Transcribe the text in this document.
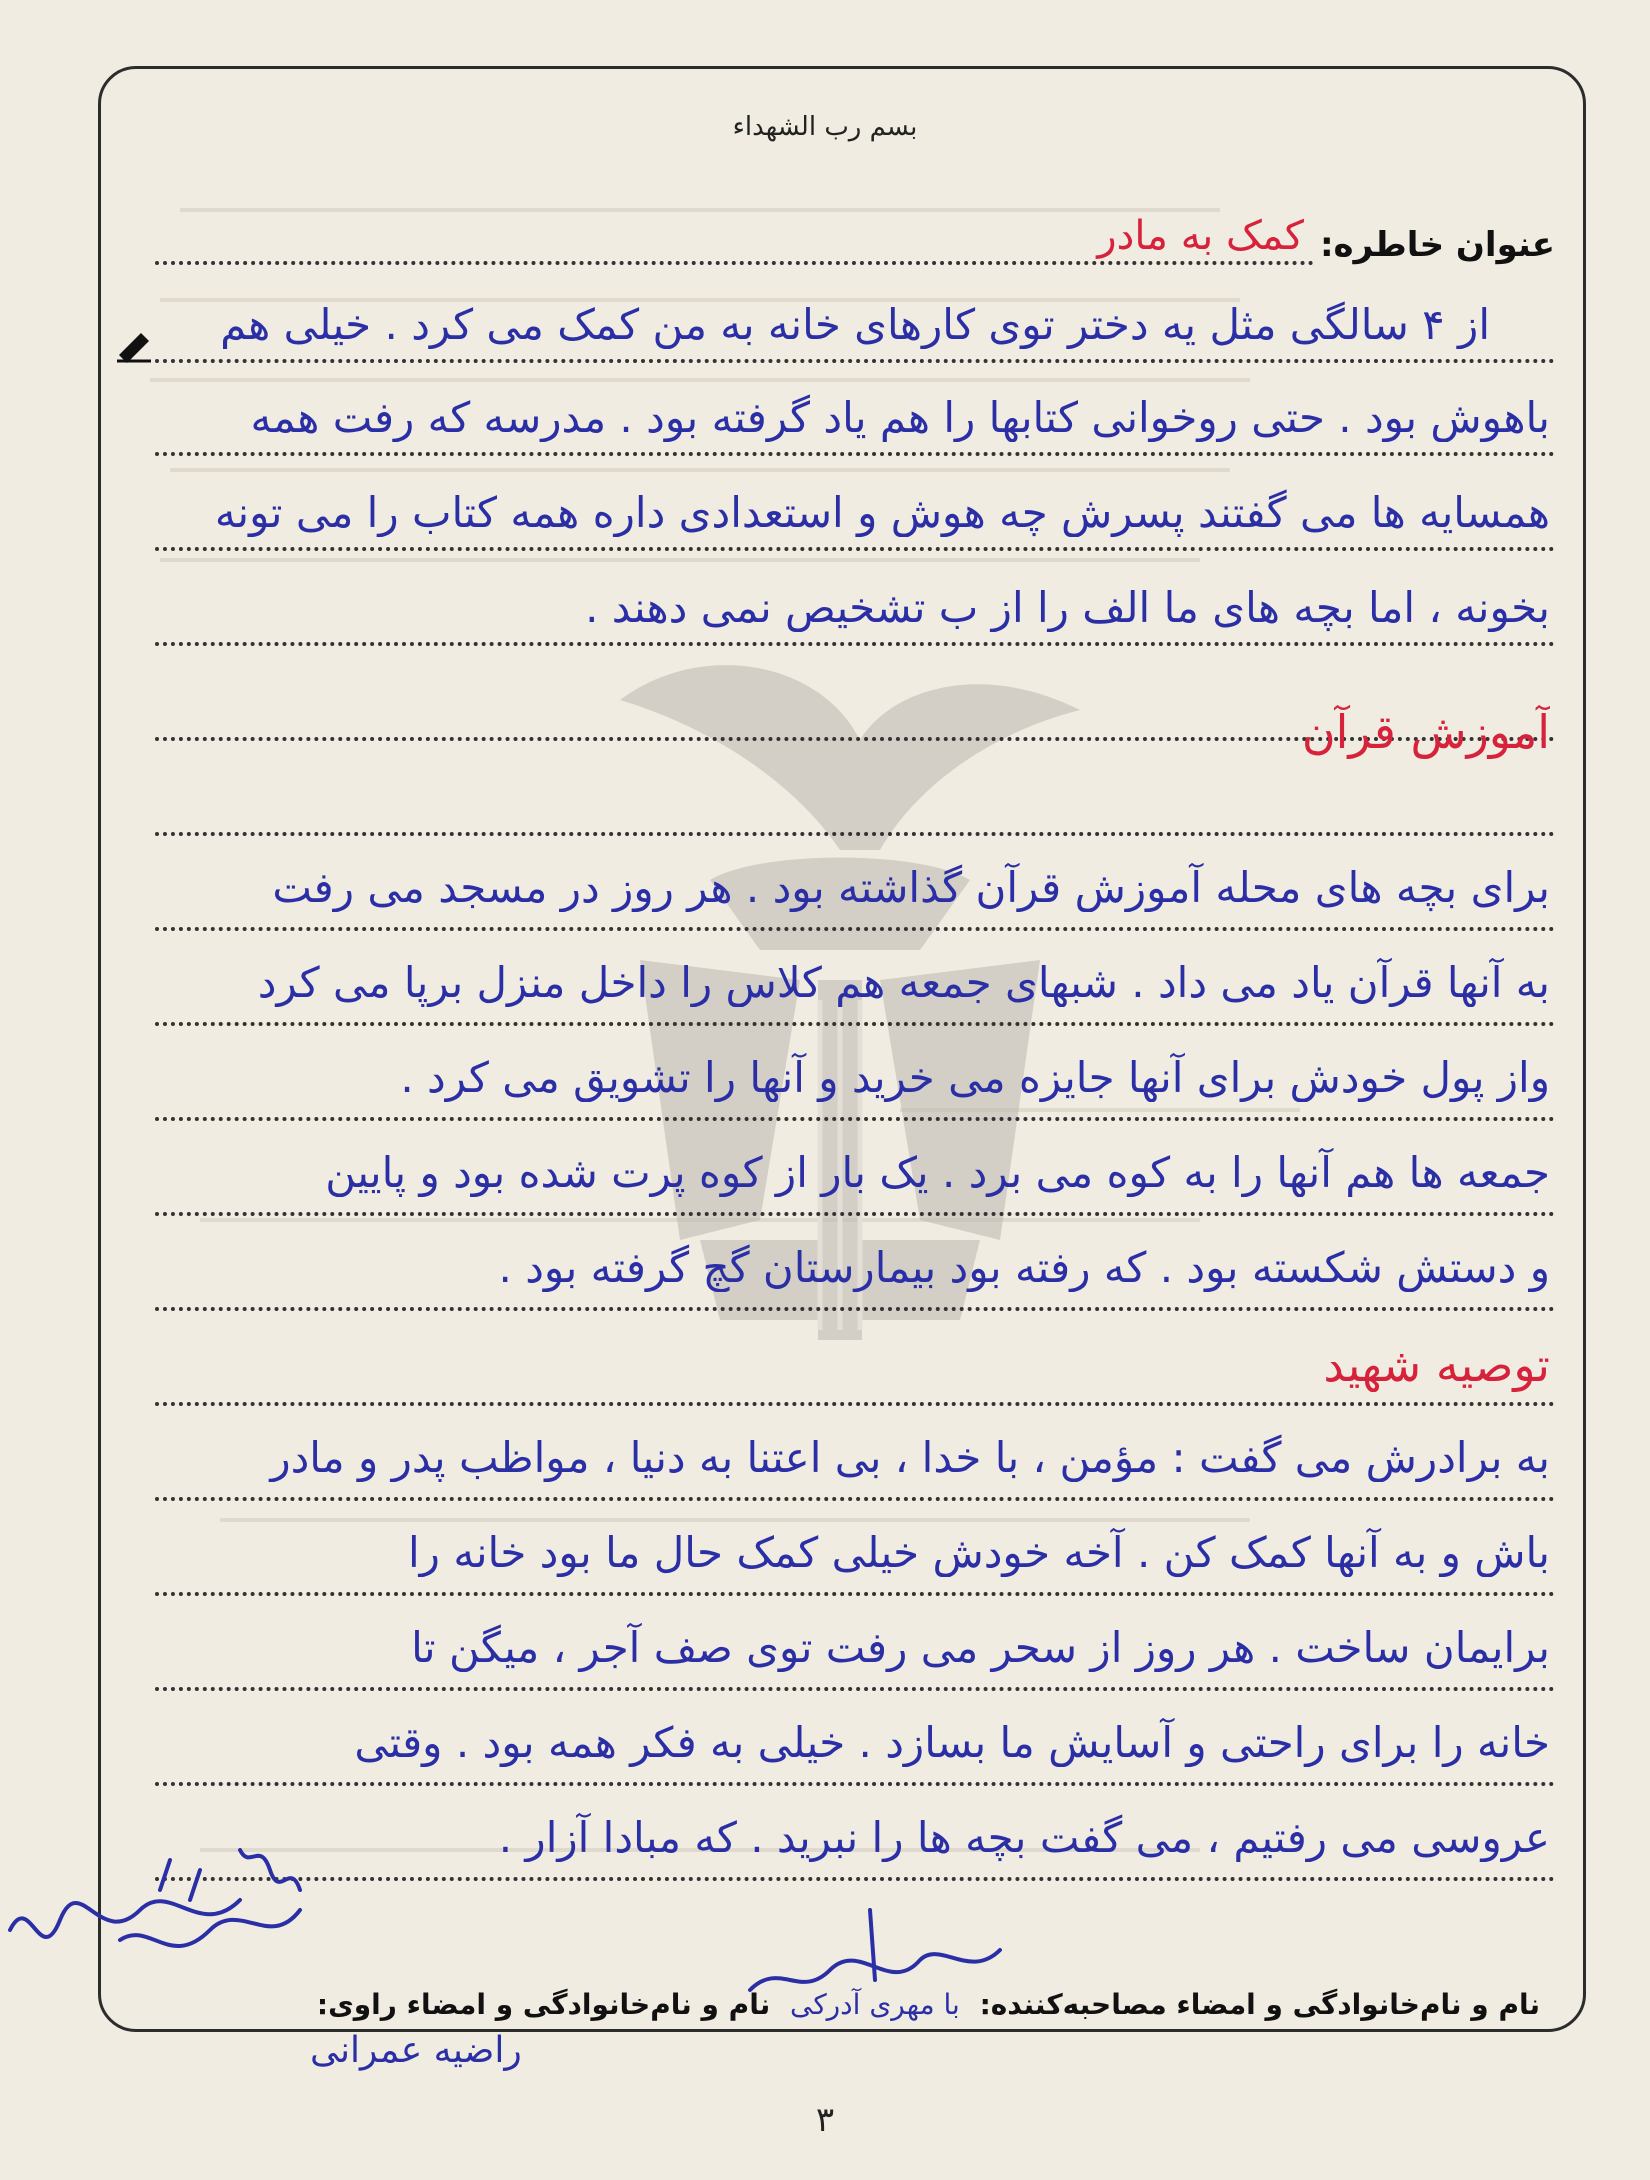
بسم رب الشهداء
عنوان خاطره:
کمک به مادر
از ۴ سالگی مثل یه دختر توی کارهای خانه به من کمک می کرد . خیلی هم
باهوش بود . حتی روخوانی کتابها را هم یاد گرفته بود . مدرسه که رفت همه
همسایه ها می گفتند پسرش چه هوش و استعدادی داره همه کتاب را می تونه
بخونه ، اما بچه های ما الف را از ب تشخیص نمی دهند .
آموزش قرآن
برای بچه های محله آموزش قرآن گذاشته بود . هر روز در مسجد می رفت
به آنها قرآن یاد می داد . شبهای جمعه هم کلاس را داخل منزل برپا می کرد
واز پول خودش برای آنها جایزه می خرید و آنها را تشویق می کرد .
جمعه ها هم آنها را به کوه می برد . یک بار از کوه پرت شده بود و پایین
و دستش شکسته بود . که رفته بود بیمارستان گچ گرفته بود .
توصیه شهید
به برادرش می گفت : مؤمن ، با خدا ، بی اعتنا به دنیا ، مواظب پدر و مادر
باش و به آنها کمک کن . آخه خودش خیلی کمک حال ما بود خانه را
برایمان ساخت . هر روز از سحر می رفت توی صف آجر ، میگن تا
خانه را برای راحتی و آسایش ما بسازد . خیلی به فکر همه بود . وقتی
عروسی می رفتیم ، می گفت بچه ها را نبرید . که مبادا آزار .
نام و نام‌خانوادگی و امضاء مصاحبه‌کننده: با مهری آدرکی نام و نام‌خانوادگی و امضاء راوی:
راضیه عمرانی
۳
